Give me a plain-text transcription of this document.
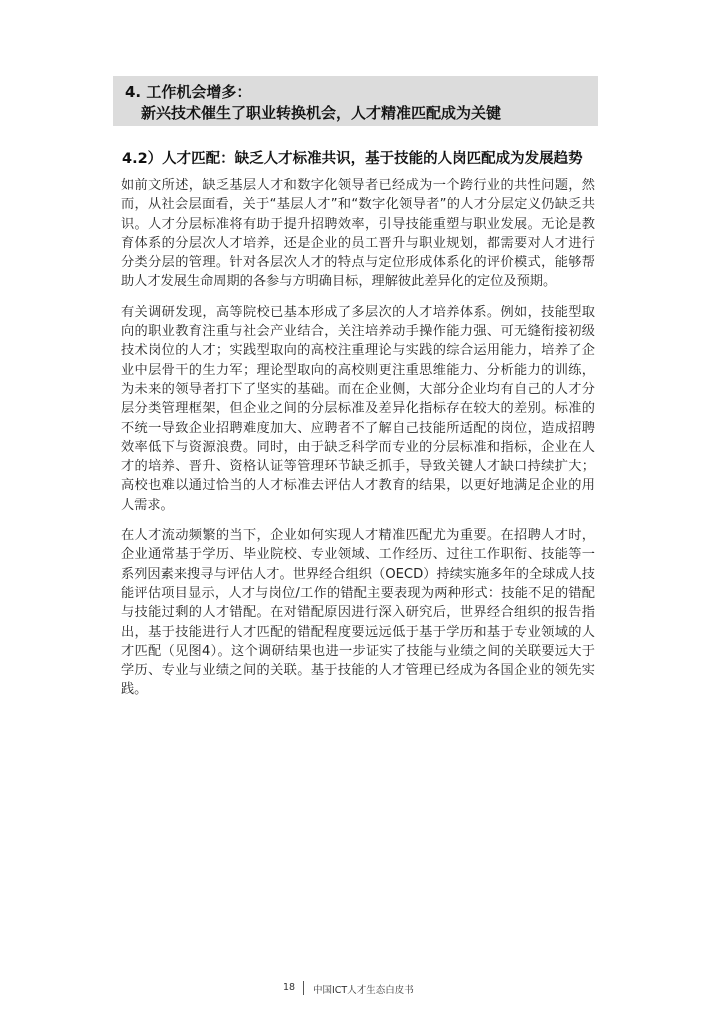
4. 工作机会增多：
新兴技术催生了职业转换机会，人才精准匹配成为关键
4.2）人才匹配：缺乏人才标准共识，基于技能的人岗匹配成为发展趋势

如前文所述，缺乏基层人才和数字化领导者已经成为一个跨行业的共性问题，然而，从社会层面看，关于“基层人才”和“数字化领导者”的人才分层定义仍缺乏共识。人才分层标准将有助于提升招聘效率，引导技能重塑与职业发展。无论是教育体系的分层次人才培养，还是企业的员工晋升与职业规划，都需要对人才进行分类分层的管理。针对各层次人才的特点与定位形成体系化的评价模式，能够帮助人才发展生命周期的各参与方明确目标，理解彼此差异化的定位及预期。

有关调研发现，高等院校已基本形成了多层次的人才培养体系。例如，技能型取向的职业教育注重与社会产业结合，关注培养动手操作能力强、可无缝衔接初级技术岗位的人才；实践型取向的高校注重理论与实践的综合运用能力，培养了企业中层骨干的生力军；理论型取向的高校则更注重思维能力、分析能力的训练，为未来的领导者打下了坚实的基础。而在企业侧，大部分企业均有自己的人才分层分类管理框架，但企业之间的分层标准及差异化指标存在较大的差别。标准的不统一导致企业招聘难度加大、应聘者不了解自己技能所适配的岗位，造成招聘效率低下与资源浪费。同时，由于缺乏科学而专业的分层标准和指标，企业在人才的培养、晋升、资格认证等管理环节缺乏抓手，导致关键人才缺口持续扩大；高校也难以通过恰当的人才标准去评估人才教育的结果，以更好地满足企业的用人需求。

在人才流动频繁的当下，企业如何实现人才精准匹配尤为重要。在招聘人才时，企业通常基于学历、毕业院校、专业领域、工作经历、过往工作职衔、技能等一系列因素来搜寻与评估人才。世界经合组织（OECD）持续实施多年的全球成人技能评估项目显示，人才与岗位/工作的错配主要表现为两种形式：技能不足的错配与技能过剩的人才错配。在对错配原因进行深入研究后，世界经合组织的报告指出，基于技能进行人才匹配的错配程度要远远低于基于学历和基于专业领域的人才匹配（见图4）。这个调研结果也进一步证实了技能与业绩之间的关联要远大于学历、专业与业绩之间的关联。基于技能的人才管理已经成为各国企业的领先实践。

18 中国ICT人才生态白皮书
